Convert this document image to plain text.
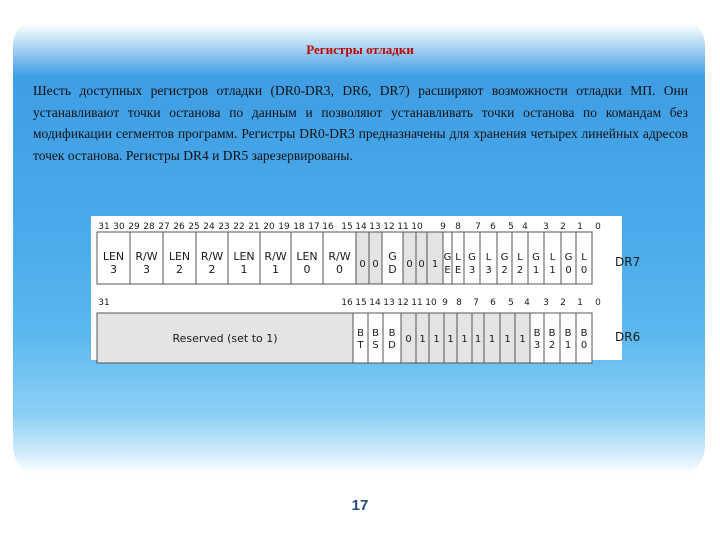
Регистры отладки
Шесть доступных регистров отладки (DR0-DR3, DR6, DR7) расширяют возможности отладки МП. Они устанавливают точки останова по данным и позволяют устанавливать точки останова по командам без модификации сегментов программ. Регистры DR0-DR3 предназначены для хранения четырех линейных адресов точек останова. Регистры DR4 и DR5 зарезервированы.
31 30 29 28 27 26 25 24 23 22 21 20 19 18 17 16 15 14 13 12 11 10 9 8 7 6 5 4 3 2 1 0
LEN
3
R/W
3
LEN
2
R/W
2
LEN
1
R/W
1
LEN
0
R/W
0 0 0
G
D 0 0 1
G
E
L
E
G
3
L
3
G
2
L
2
G
1
L
1
G
0
L
0
DR7
31	16 15 14 13 12 11 10 9 8 7 6 5 4 3 2 1 0
Reserved (set to 1)	B
T
B
S
B
D
0 1 1 1 1 1 1 1 1
B
3
B
2
B
1
B
0
DR6
17
